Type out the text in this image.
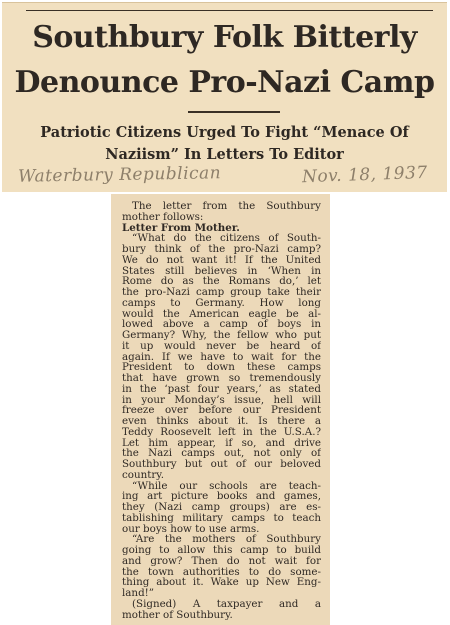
Southbury Folk Bitterly
Denounce Pro-Nazi Camp
Patriotic Citizens Urged To Fight “Menace Of
Naziism” In Letters To Editor
Waterbury Republican	Nov. 18, 1937

The letter from the Southbury

mother follows:

Letter From Mother.

“What do the citizens of South-

bury think of the pro-Nazi camp?

We do not want it! If the United

States still believes in ‘When in

Rome do as the Romans do,’ let

the pro-Nazi camp group take their

camps to Germany. How long

would the American eagle be al-

lowed above a camp of boys in

Germany? Why, the fellow who put

it up would never be heard of

again. If we have to wait for the

President to down these camps

that have grown so tremendously

in the ‘past four years,’ as stated

in your Monday’s issue, hell will

freeze over before our President

even thinks about it. Is there a

Teddy Roosevelt left in the U.S.A.?

Let him appear, if so, and drive

the Nazi camps out, not only of

Southbury but out of our beloved

country.

“While our schools are teach-

ing art picture books and games,

they (Nazi camp groups) are es-

tablishing military camps to teach

our boys how to use arms.

“Are the mothers of Southbury

going to allow this camp to build

and grow? Then do not wait for

the town authorities to do some-

thing about it. Wake up New Eng-

land!”

(Signed) A taxpayer and a

mother of Southbury.
